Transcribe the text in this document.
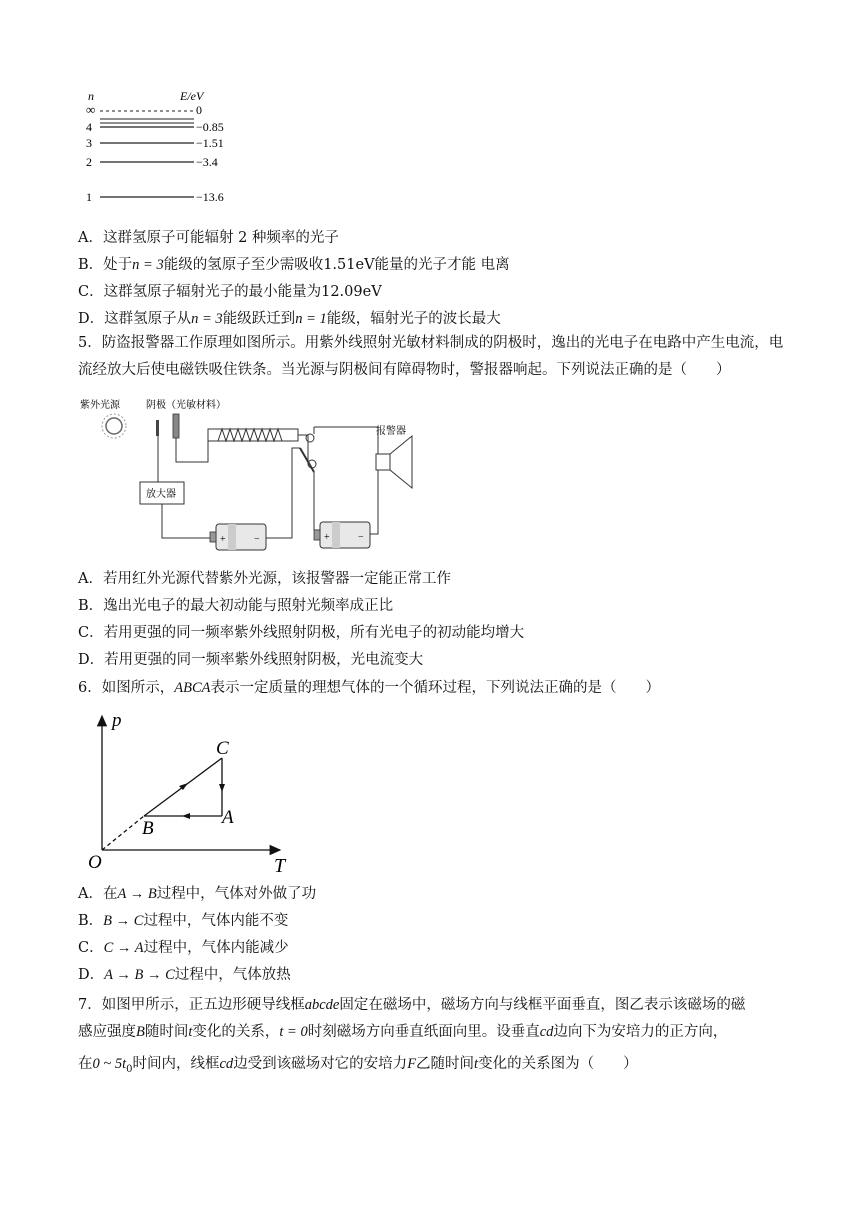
n	E/eV
∞	0
4	−0.85
3	−1.51
2	−3.4
1	−13.6
A．这群氢原子可能辐射 2 种频率的光子
B．处于n = 3能级的氢原子至少需吸收1.51eV能量的光子才能 电离
C．这群氢原子辐射光子的最小能量为12.09eV
D．这群氢原子从n = 3能级跃迁到n = 1能级，辐射光子的波长最大
5．防盗报警器工作原理如图所示。用紫外线照射光敏材料制成的阴极时，逸出的光电子在电路中产生电流，电流经放大后使电磁铁吸住铁条。当光源与阴极间有障碍物时，警报器响起。下列说法正确的是（　　）
紫外光源	阴极（光敏材料）
放大器
+	−	+	−
报警器
A．若用红外光源代替紫外光源，该报警器一定能正常工作
B．逸出光电子的最大初动能与照射光频率成正比
C．若用更强的同一频率紫外线照射阴极，所有光电子的初动能均增大
D．若用更强的同一频率紫外线照射阴极，光电流变大
6．如图所示，ABCA表示一定质量的理想气体的一个循环过程，下列说法正确的是（　　）
p
T
O
C
A
B
A．在A → B过程中，气体对外做了功
B．B → C过程中，气体内能不变
C．C → A过程中，气体内能减少
D．A → B → C过程中，气体放热
7．如图甲所示，正五边形硬导线框abcde固定在磁场中，磁场方向与线框平面垂直，图乙表示该磁场的磁
感应强度B随时间t变化的关系，t = 0时刻磁场方向垂直纸面向里。设垂直cd边向下为安培力的正方向，
在0 ~ $5t_0$时间内，线框cd边受到该磁场对它的安培力F乙随时间t变化的关系图为（　　）
